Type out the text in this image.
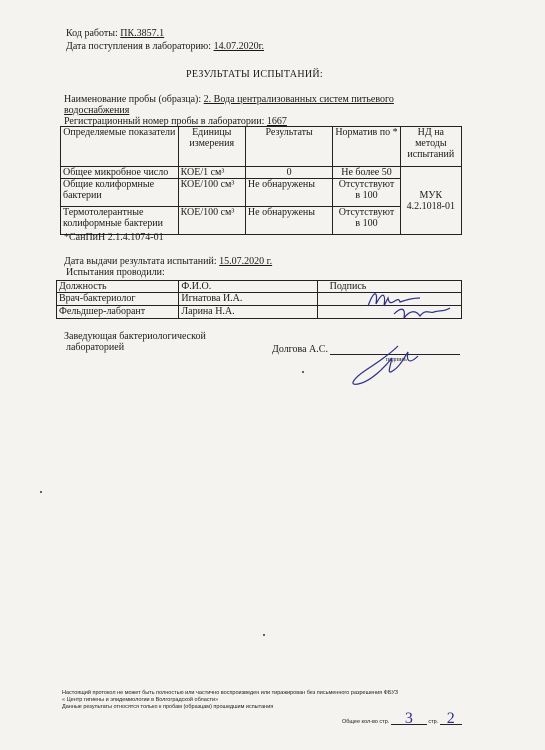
Код работы: ПК.3857.1
Дата поступления в лабораторию: 14.07.2020г.
РЕЗУЛЬТАТЫ ИСПЫТАНИЙ:
Наименование пробы (образца): 2. Вода централизованных систем питьевого
водоснабжения
Регистрационный номер пробы в лаборатории: 1667
Определяемые показатели	Единицы измерения	Результаты	Норматив по *	НД на методы испытаний
Общее микробное число	КОЕ/1 см³	0	Не более 50	МУК 4.2.1018-01
Общие колиформные бактерии	КОЕ/100 см³	Не обнаружены	Отсутствуют в 100	
Термотолерантные колиформные бактерии	КОЕ/100 см³	Не обнаружены	Отсутствуют в 100	
*СанПиН 2.1.4.1074-01
Дата выдачи результата испытаний: 15.07.2020 г.
Испытания проводили:
Должность	Ф.И.О.	Подпись
Врач-бактериолог	Игнатова И.А.	
Фельдшер-лаборант	Ларина Н.А.	
Заведующая бактериологической
лабораторией	Долгова А.С.
подпись
Настоящий протокол не может быть полностью или частично воспроизведен или тиражирован без письменного разрешения ФБУЗ
« Центр гигиены и эпидемиологии в Волгоградской области»
Данные результаты относятся только к пробам (образцам) прошедшим испытания
Общее кол-во стр. 3	стр. 2
